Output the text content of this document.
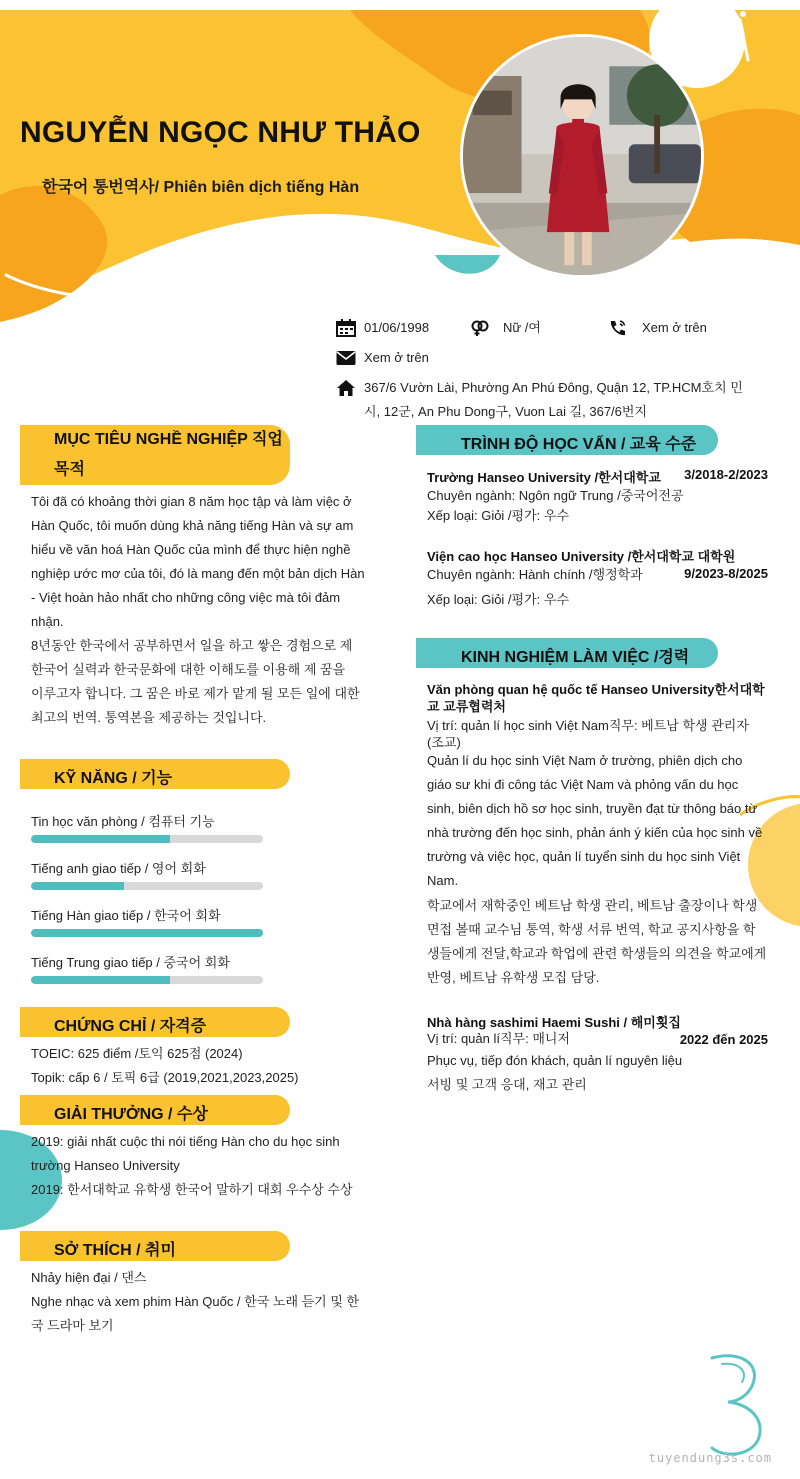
NGUYỄN NGỌC NHƯ THẢO
한국어 통번역사/ Phiên biên dịch tiếng Hàn
01/06/1998	Nữ /여	Xem ở trên
Xem ở trên
367/6 Vườn Lài, Phường An Phú Đông, Quận 12, TP.HCM호치 민 시, 12군, An Phu Dong구, Vuon Lai 길, 367/6번지
MỤC TIÊU NGHỀ NGHIỆP 직업 목적
Tôi đã có khoảng thời gian 8 năm học tập và làm việc ở Hàn Quốc, tôi muốn dùng khả năng tiếng Hàn và sự am hiểu về văn hoá Hàn Quốc của mình để thực hiện nghề nghiệp ước mơ của tôi, đó là mang đến một bản dịch Hàn - Việt hoàn hảo nhất cho những công việc mà tôi đảm nhận.
8년동안 한국에서 공부하면서 일을 하고 쌓은 경험으로 제 한국어 실력과 한국문화에 대한 이해도를 이용해 제 꿈을 이루고자 합니다. 그 꿈은 바로 제가 맡게 될 모든 일에 대한 최고의 번역. 통역본을 제공하는 것입니다.
KỸ NĂNG / 기능
Tin học văn phòng / 컴퓨터 기능
Tiếng anh giao tiếp / 영어 회화
Tiếng Hàn giao tiếp / 한국어 회화
Tiếng Trung giao tiếp / 중국어 회화
CHỨNG CHỈ / 자격증
TOEIC: 625 điểm /토익 625점 (2024)
Topik: cấp 6 / 토픽 6급 (2019,2021,2023,2025)
GIẢI THƯỞNG / 수상
2019: giải nhất cuộc thi nói tiếng Hàn cho du học sinh trường Hanseo University
2019: 한서대학교 유학생 한국어 말하기 대회 우수상 수상
SỞ THÍCH / 취미
Nhảy hiện đại / 댄스
Nghe nhạc và xem phim Hàn Quốc / 한국 노래 듣기 및 한국 드라마 보기
TRÌNH ĐỘ HỌC VẤN / 교육 수준
Trường Hanseo University /한서대학교	3/2018-2/2023
Chuyên ngành: Ngôn ngữ Trung /중국어전공
Xếp loại: Giỏi /평가: 우수
Viện cao học Hanseo University /한서대학교 대학원
Chuyên ngành: Hành chính /행정학과	9/2023-8/2025
Xếp loại: Giỏi /평가: 우수
KINH NGHIỆM LÀM VIỆC /경력
Văn phòng quan hệ quốc tế Hanseo University한서대학교 교류협력처
Vị trí: quản lí học sinh Việt Nam직무: 베트남 학생 관리자 (조교)
Quản lí du học sinh Việt Nam ở trường, phiên dịch cho giáo sư khi đi công tác Việt Nam và phỏng vấn du học sinh, biên dịch hồ sơ học sinh, truyền đạt từ thông báo từ nhà trường đến học sinh, phản ánh ý kiến của học sinh về trường và việc học, quản lí tuyển sinh du học sinh Việt Nam.
학교에서 재학중인 베트남 학생 관리, 베트남 출장이나 학생 면접 볼때 교수님 통역, 학생 서류 번역, 학교 공지사항을 학생들에게 전달,학교과 학업에 관련 학생들의 의견을 학교에게 반영, 베트남 유학생 모집 담당.
Nhà hàng sashimi Haemi Sushi / 해미횟집
Vị trí: quản lí직무: 매니저	2022 đến 2025
Phục vụ, tiếp đón khách, quản lí nguyên liệu
서빙 및 고객 응대, 재고 관리
tuyendung3s.com
